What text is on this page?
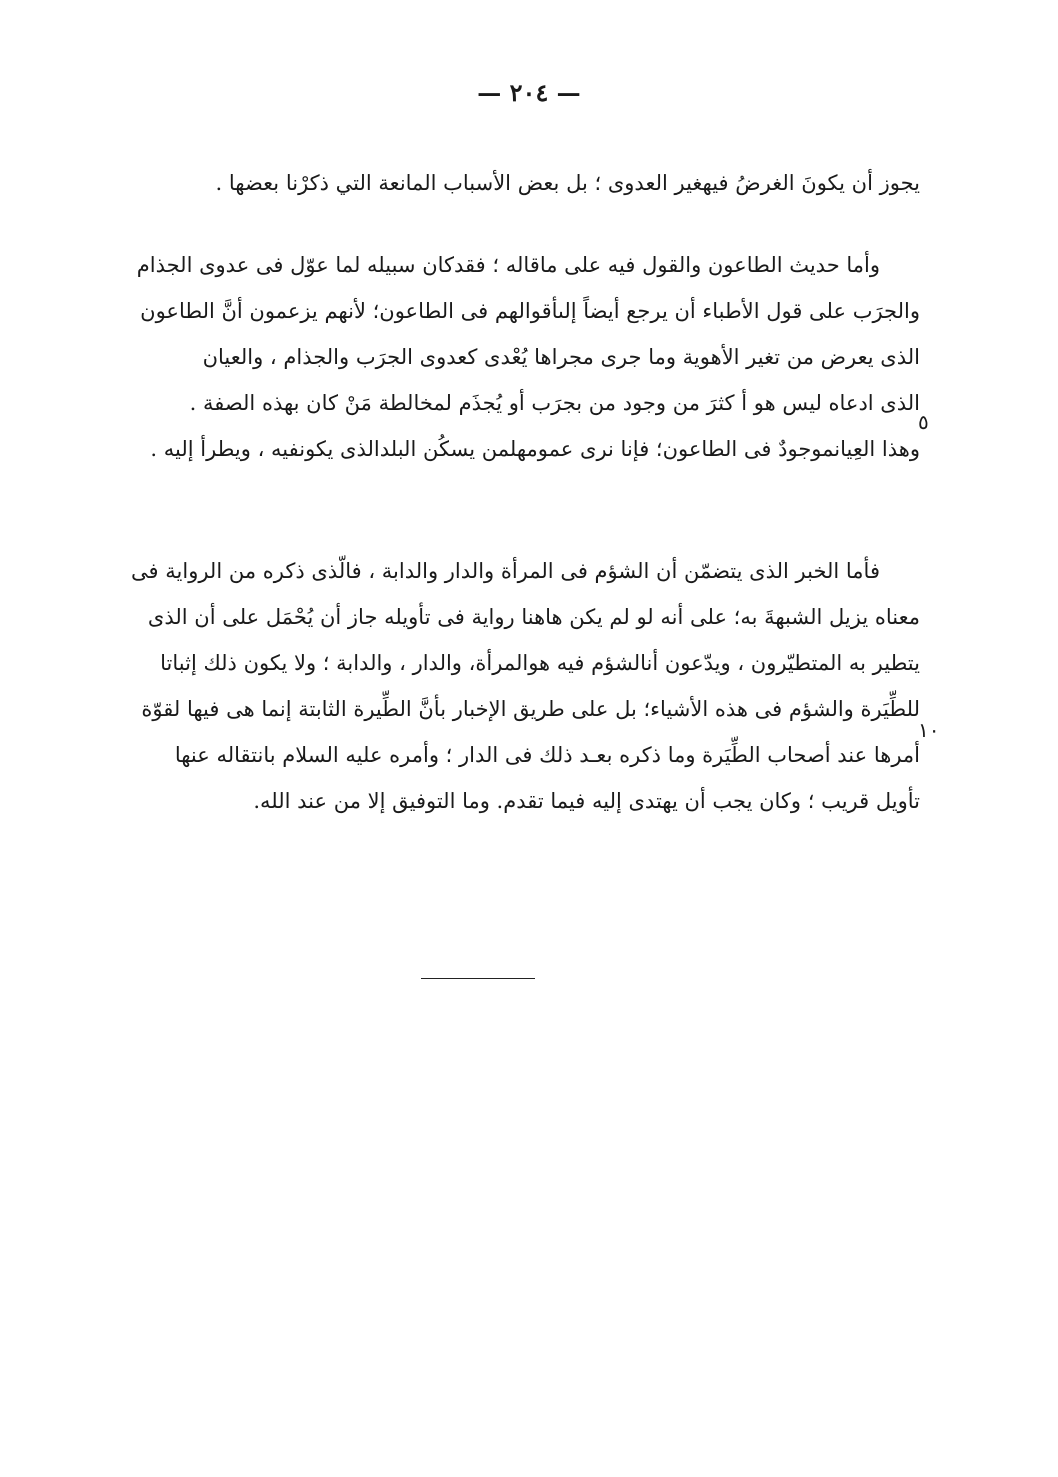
— ٢٠٤ —
يجوز أن يكونَ الغرضُ فيهغير العدوى ؛ بل بعض الأسباب المانعة التي ذكرْنا بعضها .
وأما حديث الطاعون والقول فيه على ماقاله ؛ فقدكان سبيله لما عوّل فى عدوى الجذام
والجرَب على قول الأطباء أن يرجع أيضاً إلىأقوالهم فى الطاعون؛ لأنهم يزعمون أنَّ الطاعون
الذى يعرض من تغير الأهوية وما جرى مجراها يُعْدى كعدوى الجرَب والجذام ، والعيان
الذى ادعاه ليس هو أ كثرَ من وجود من بجرَب أو يُجذَم لمخالطة مَنْ كان بهذه الصفة .
وهذا العِيانموجودٌ فى الطاعون؛ فإنا نرى عمومهلمن يسكُن البلدالذى يكونفيه ، ويطرأ إليه .
٥
فأما الخبر الذى يتضمّن أن الشؤم فى المرأة والدار والدابة ، فالّذى ذكره من الرواية فى
معناه يزيل الشبهةَ به؛ على أنه لو لم يكن هاهنا رواية فى تأويله جاز أن يُحْمَل على أن الذى
يتطير به المتطيّرون ، ويدّعون أنالشؤم فيه هوالمرأة، والدار ، والدابة ؛ ولا يكون ذلك إثباتا
للطِّيَرة والشؤم فى هذه الأشياء؛ بل على طريق الإخبار بأنَّ الطِّيرة الثابتة إنما هى فيها لقوّة
أمرها عند أصحاب الطِّيَرة وما ذكره بعـد ذلك فى الدار ؛ وأمره عليه السلام بانتقاله عنها
تأويل قريب ؛ وكان يجب أن يهتدى إليه فيما تقدم. وما التوفيق إلا من عند الله.
١٠
